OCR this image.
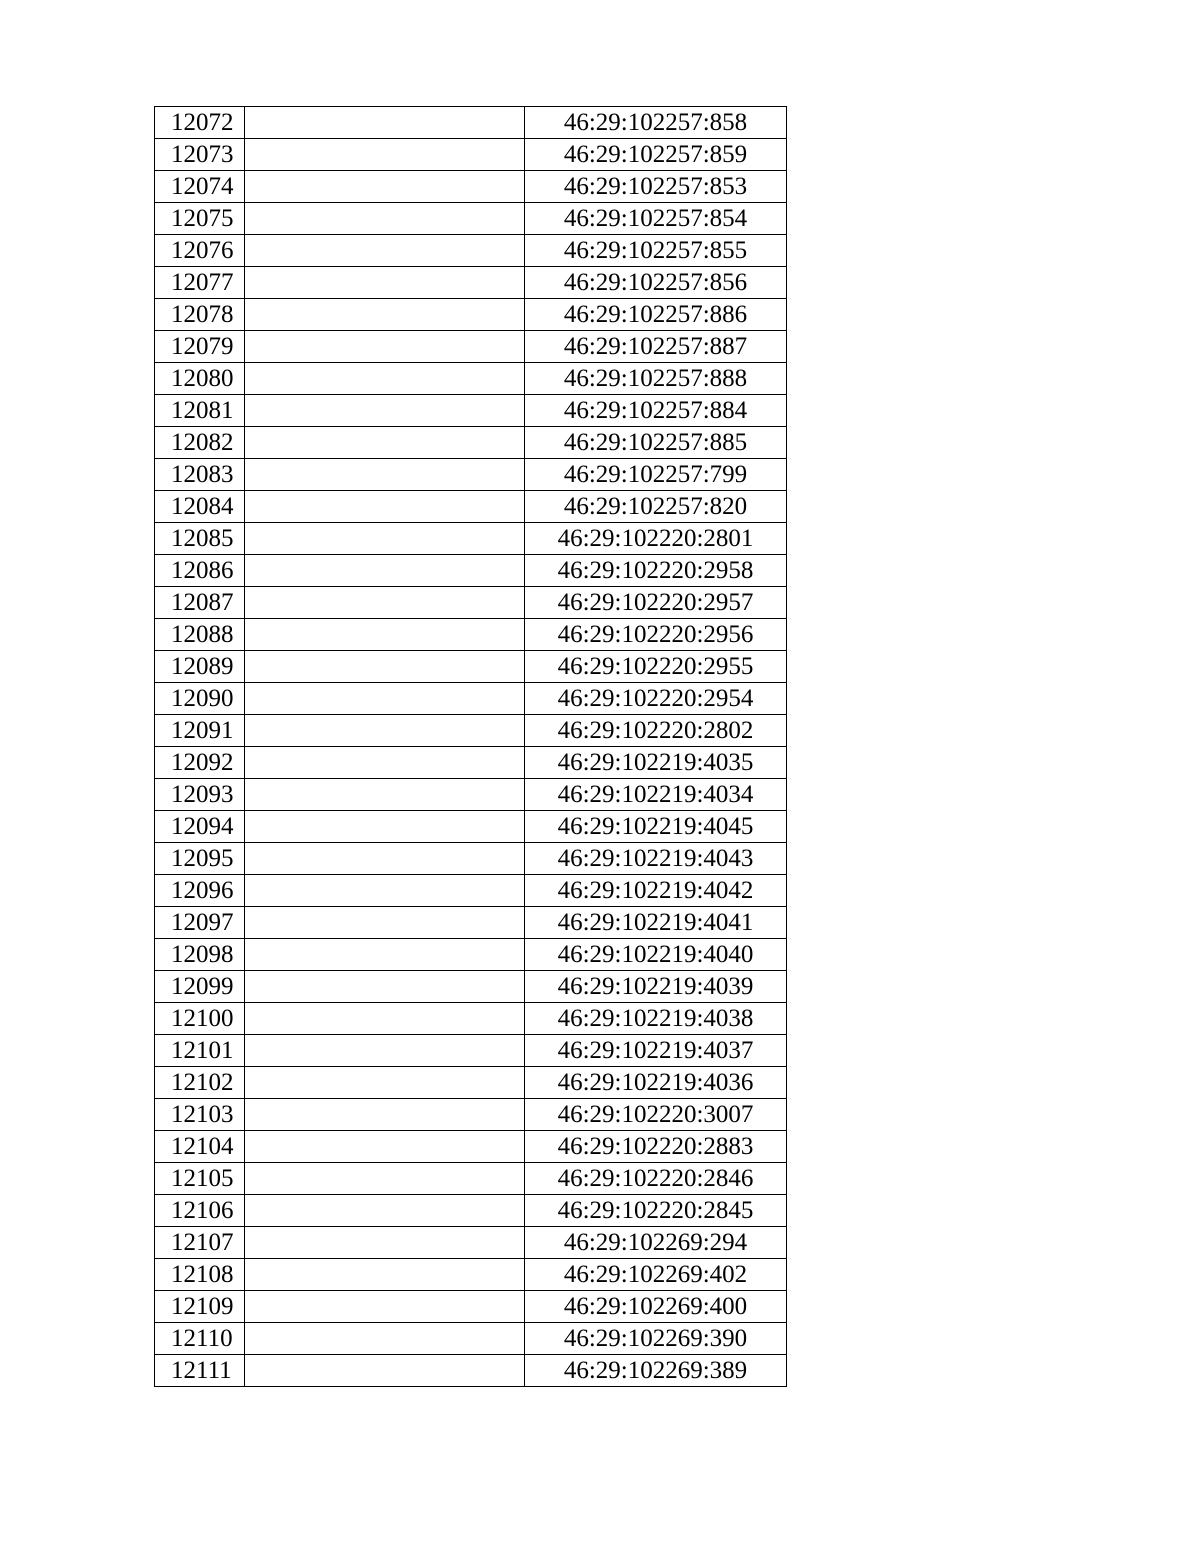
12072		46:29:102257:858
12073		46:29:102257:859
12074		46:29:102257:853
12075		46:29:102257:854
12076		46:29:102257:855
12077		46:29:102257:856
12078		46:29:102257:886
12079		46:29:102257:887
12080		46:29:102257:888
12081		46:29:102257:884
12082		46:29:102257:885
12083		46:29:102257:799
12084		46:29:102257:820
12085		46:29:102220:2801
12086		46:29:102220:2958
12087		46:29:102220:2957
12088		46:29:102220:2956
12089		46:29:102220:2955
12090		46:29:102220:2954
12091		46:29:102220:2802
12092		46:29:102219:4035
12093		46:29:102219:4034
12094		46:29:102219:4045
12095		46:29:102219:4043
12096		46:29:102219:4042
12097		46:29:102219:4041
12098		46:29:102219:4040
12099		46:29:102219:4039
12100		46:29:102219:4038
12101		46:29:102219:4037
12102		46:29:102219:4036
12103		46:29:102220:3007
12104		46:29:102220:2883
12105		46:29:102220:2846
12106		46:29:102220:2845
12107		46:29:102269:294
12108		46:29:102269:402
12109		46:29:102269:400
12110		46:29:102269:390
12111		46:29:102269:389
